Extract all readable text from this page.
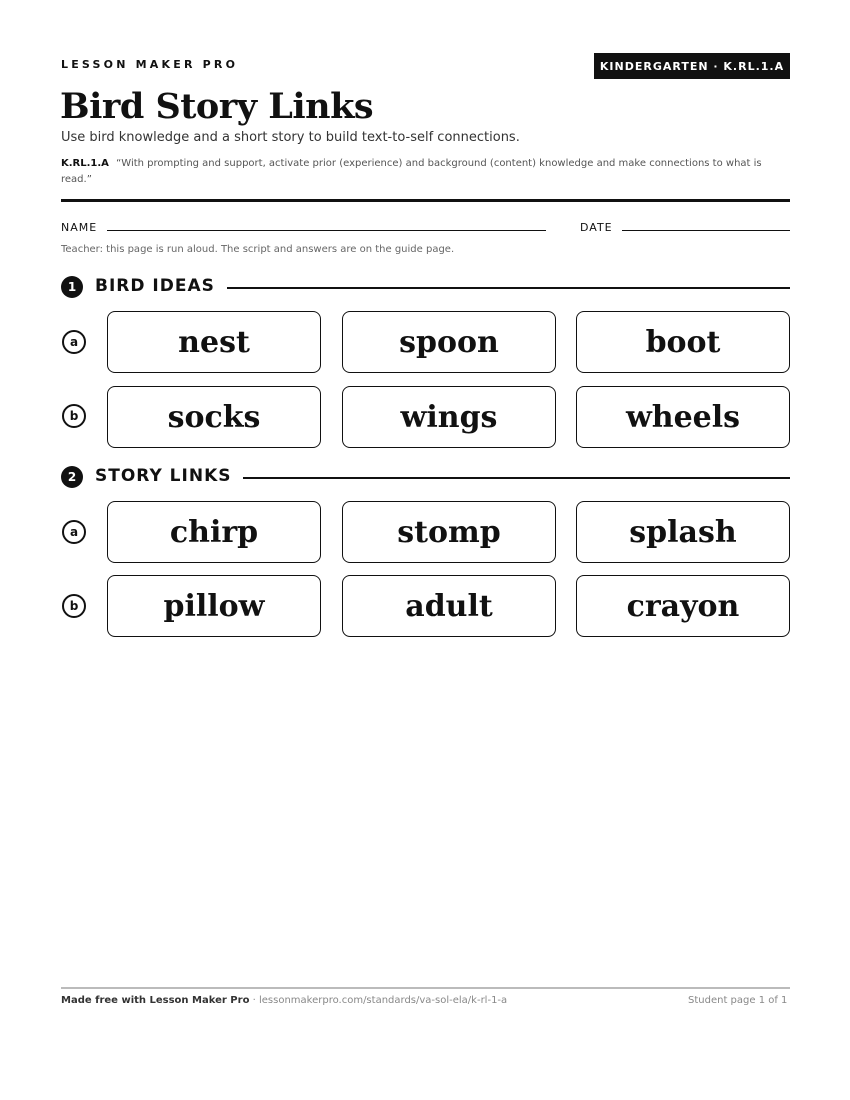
LESSON MAKER PRO	KINDERGARTEN · K.RL.1.A
Bird Story Links
Use bird knowledge and a short story to build text-to-self connections.
K.RL.1.A “With prompting and support, activate prior (experience) and background (content) knowledge and make connections to what is read.”
NAME	DATE
Teacher: this page is run aloud. The script and answers are on the guide page.
1	BIRD IDEAS
a	nest	spoon	boot
b	socks	wings	wheels
2	STORY LINKS
a	chirp	stomp	splash
b	pillow	adult	crayon
Made free with Lesson Maker Pro · lessonmakerpro.com/standards/va-sol-ela/k-rl-1-a	Student page 1 of 1
